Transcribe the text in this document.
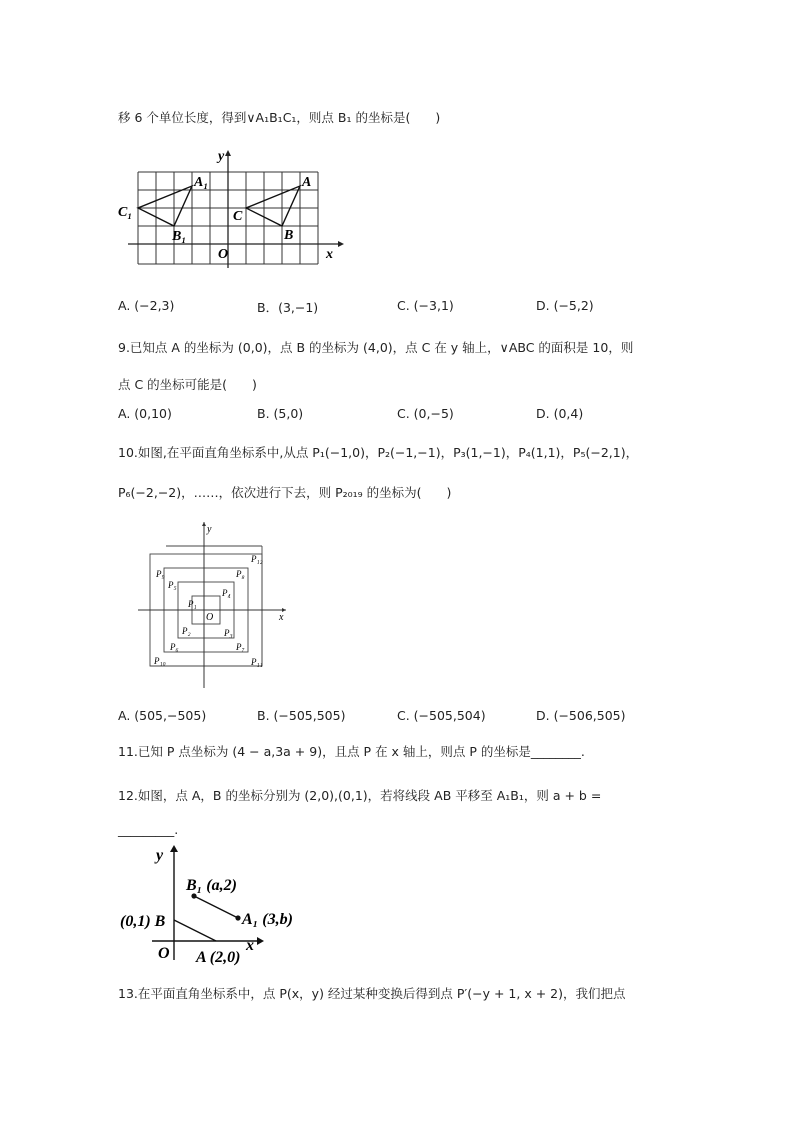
移 6 个单位长度，得到∨A₁B₁C₁，则点 B₁ 的坐标是(　　)
y
x
O
A₁
B₁
C₁
A
B
C
A. (−2,3)	B．(3,−1)	C. (−3,1)	D. (−5,2)
9.已知点 A 的坐标为 (0,0)，点 B 的坐标为 (4,0)，点 C 在 y 轴上，∨ABC 的面积是 10，则
点 C 的坐标可能是(　　)
A. (0,10)	B. (5,0)	C. (0,−5)	D. (0,4)
10.如图,在平面直角坐标系中,从点 P₁(−1,0)，P₂(−1,−1)，P₃(1,−1)，P₄(1,1)，P₅(−2,1)，
P₆(−2,−2)，……，依次进行下去，则 P₂₀₁₉ 的坐标为(　　)
y
x
O
P₁
P₂	P₃
P₄
P₅
P₆	P₇
P₈
P₉
P₁₀	P₁₁
P₁₂
A. (505,−505)	B. (−505,505)	C. (−505,504)	D. (−506,505)
11.已知 P 点坐标为 (4 − a,3a + 9)，且点 P 在 x 轴上，则点 P 的坐标是________.
12.如图，点 A，B 的坐标分别为 (2,0),(0,1)，若将线段 AB 平移至 A₁B₁，则 a + b =
_________.
y
x
O
B₁ (a,2)
A₁ (3,b)
(0,1) B
A (2,0)
13.在平面直角坐标系中，点 P(x，y) 经过某种变换后得到点 P′(−y + 1, x + 2)，我们把点
